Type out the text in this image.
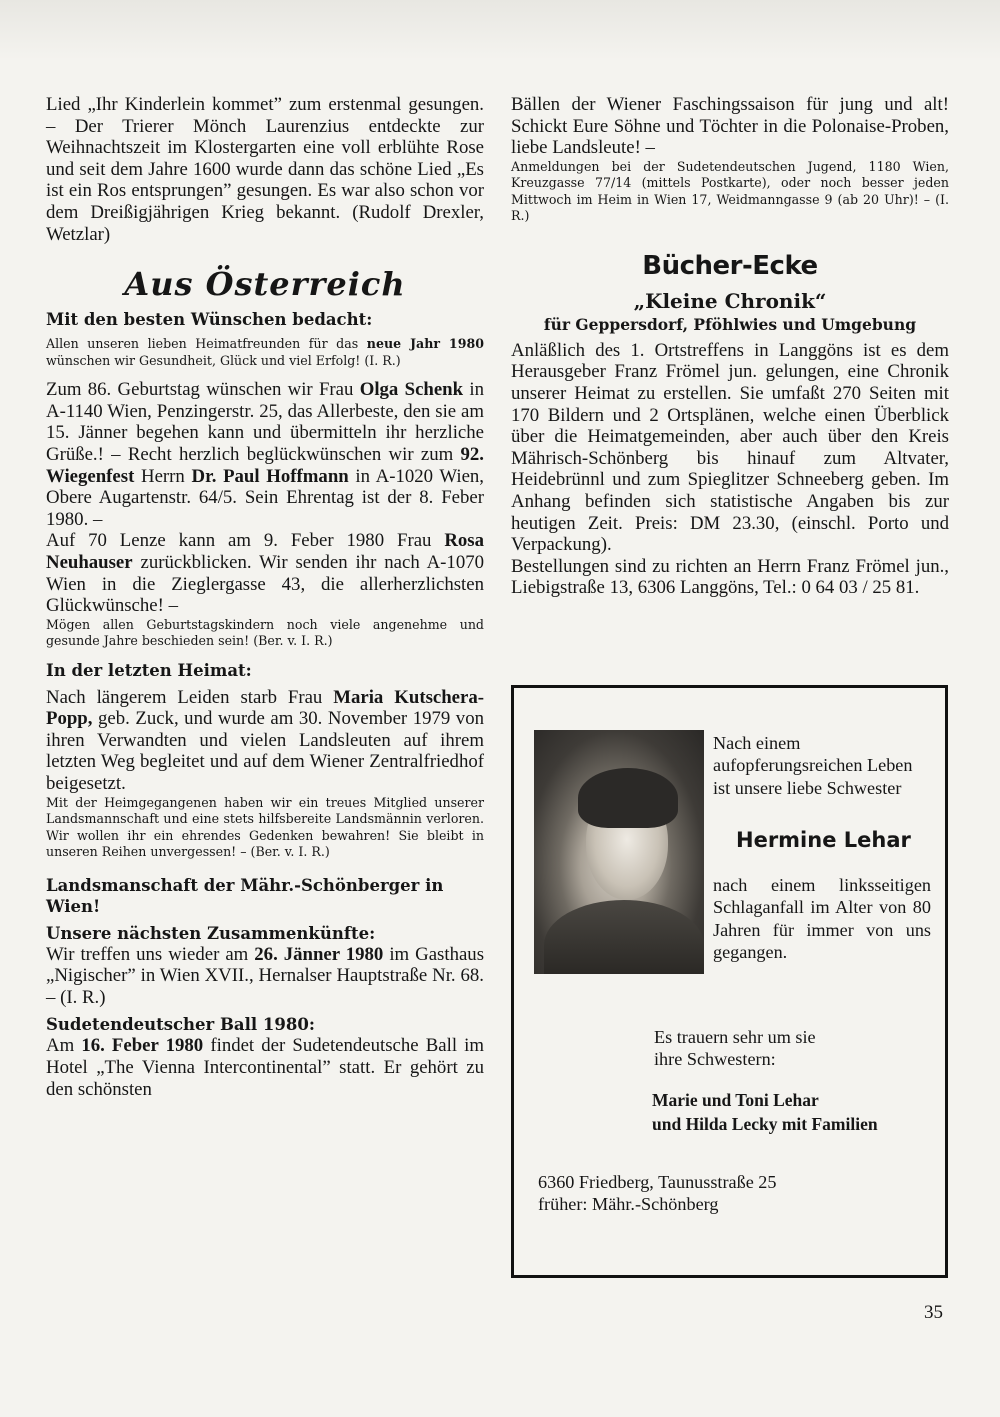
Lied „Ihr Kinderlein kommet” zum erstenmal gesungen. – Der Trierer Mönch Laurenzius entdeckte zur Weihnachtszeit im Klostergarten eine voll erblühte Rose und seit dem Jahre 1600 wurde dann das schöne Lied „Es ist ein Ros entsprungen” gesungen. Es war also schon vor dem Dreißigjährigen Krieg bekannt. (Rudolf Drexler, Wetzlar)

Aus Österreich
Mit den besten Wünschen bedacht:

Allen unseren lieben Heimatfreunden für das neue Jahr 1980 wünschen wir Gesundheit, Glück und viel Erfolg! (I. R.)

Zum 86. Geburtstag wünschen wir Frau Olga Schenk in A-1140 Wien, Penzingerstr. 25, das Allerbeste, den sie am 15. Jänner begehen kann und übermitteln ihr herzliche Grüße.! – Recht herzlich beglückwünschen wir zum 92. Wiegenfest Herrn Dr. Paul Hoffmann in A-1020 Wien, Obere Augartenstr. 64/5. Sein Ehrentag ist der 8. Feber 1980. –

Auf 70 Lenze kann am 9. Feber 1980 Frau Rosa Neuhauser zurückblicken. Wir senden ihr nach A-1070 Wien in die Zieglergasse 43, die allerherzlichsten Glückwünsche! –

Mögen allen Geburtstagskindern noch viele angenehme und gesunde Jahre beschieden sein! (Ber. v. I. R.)

In der letzten Heimat:

Nach längerem Leiden starb Frau Maria Kutschera-Popp, geb. Zuck, und wurde am 30. November 1979 von ihren Verwandten und vielen Landsleuten auf ihrem letzten Weg begleitet und auf dem Wiener Zentralfriedhof beigesetzt.

Mit der Heimgegangenen haben wir ein treues Mitglied unserer Landsmannschaft und eine stets hilfsbereite Landsmännin verloren. Wir wollen ihr ein ehrendes Gedenken bewahren! Sie bleibt in unseren Reihen unvergessen! – (Ber. v. I. R.)

Landsmanschaft der Mähr.-Schönberger in Wien!
Unsere nächsten Zusammenkünfte:

Wir treffen uns wieder am 26. Jänner 1980 im Gasthaus „Nigischer” in Wien XVII., Hernalser Hauptstraße Nr. 68. – (I. R.)

Sudetendeutscher Ball 1980:

Am 16. Feber 1980 findet der Sudetendeutsche Ball im Hotel „The Vienna Intercontinental” statt. Er gehört zu den schönsten

Bällen der Wiener Faschingssaison für jung und alt! Schickt Eure Söhne und Töchter in die Polonaise-Proben, liebe Landsleute! –

Anmeldungen bei der Sudetendeutschen Jugend, 1180 Wien, Kreuzgasse 77/14 (mittels Postkarte), oder noch besser jeden Mittwoch im Heim in Wien 17, Weidmanngasse 9 (ab 20 Uhr)! – (I. R.)

Bücher-Ecke
„Kleine Chronik“
für Geppersdorf, Pföhlwies und Umgebung

Anläßlich des 1. Ortstreffens in Langgöns ist es dem Herausgeber Franz Frömel jun. gelungen, eine Chronik unserer Heimat zu erstellen. Sie umfaßt 270 Seiten mit 170 Bildern und 2 Ortsplänen, welche einen Überblick über die Heimatgemeinden, aber auch über den Kreis Mährisch-Schönberg bis hinauf zum Altvater, Heidebrünnl und zum Spieglitzer Schneeberg geben. Im Anhang befinden sich statistische Angaben bis zur heutigen Zeit. Preis: DM 23.30, (einschl. Porto und Verpackung).

Bestellungen sind zu richten an Herrn Franz Frömel jun., Liebigstraße 13, 6306 Langgöns, Tel.: 0 64 03 / 25 81.

Nach einem aufopferungsreichen Leben ist unsere liebe Schwester
Hermine Lehar
nach einem linksseitigen Schlaganfall im Alter von 80 Jahren für immer von uns gegangen.
Es trauern sehr um sie
ihre Schwestern:
Marie und Toni Lehar
und Hilda Lecky mit Familien
6360 Friedberg, Taunusstraße 25
früher: Mähr.-Schönberg
35
